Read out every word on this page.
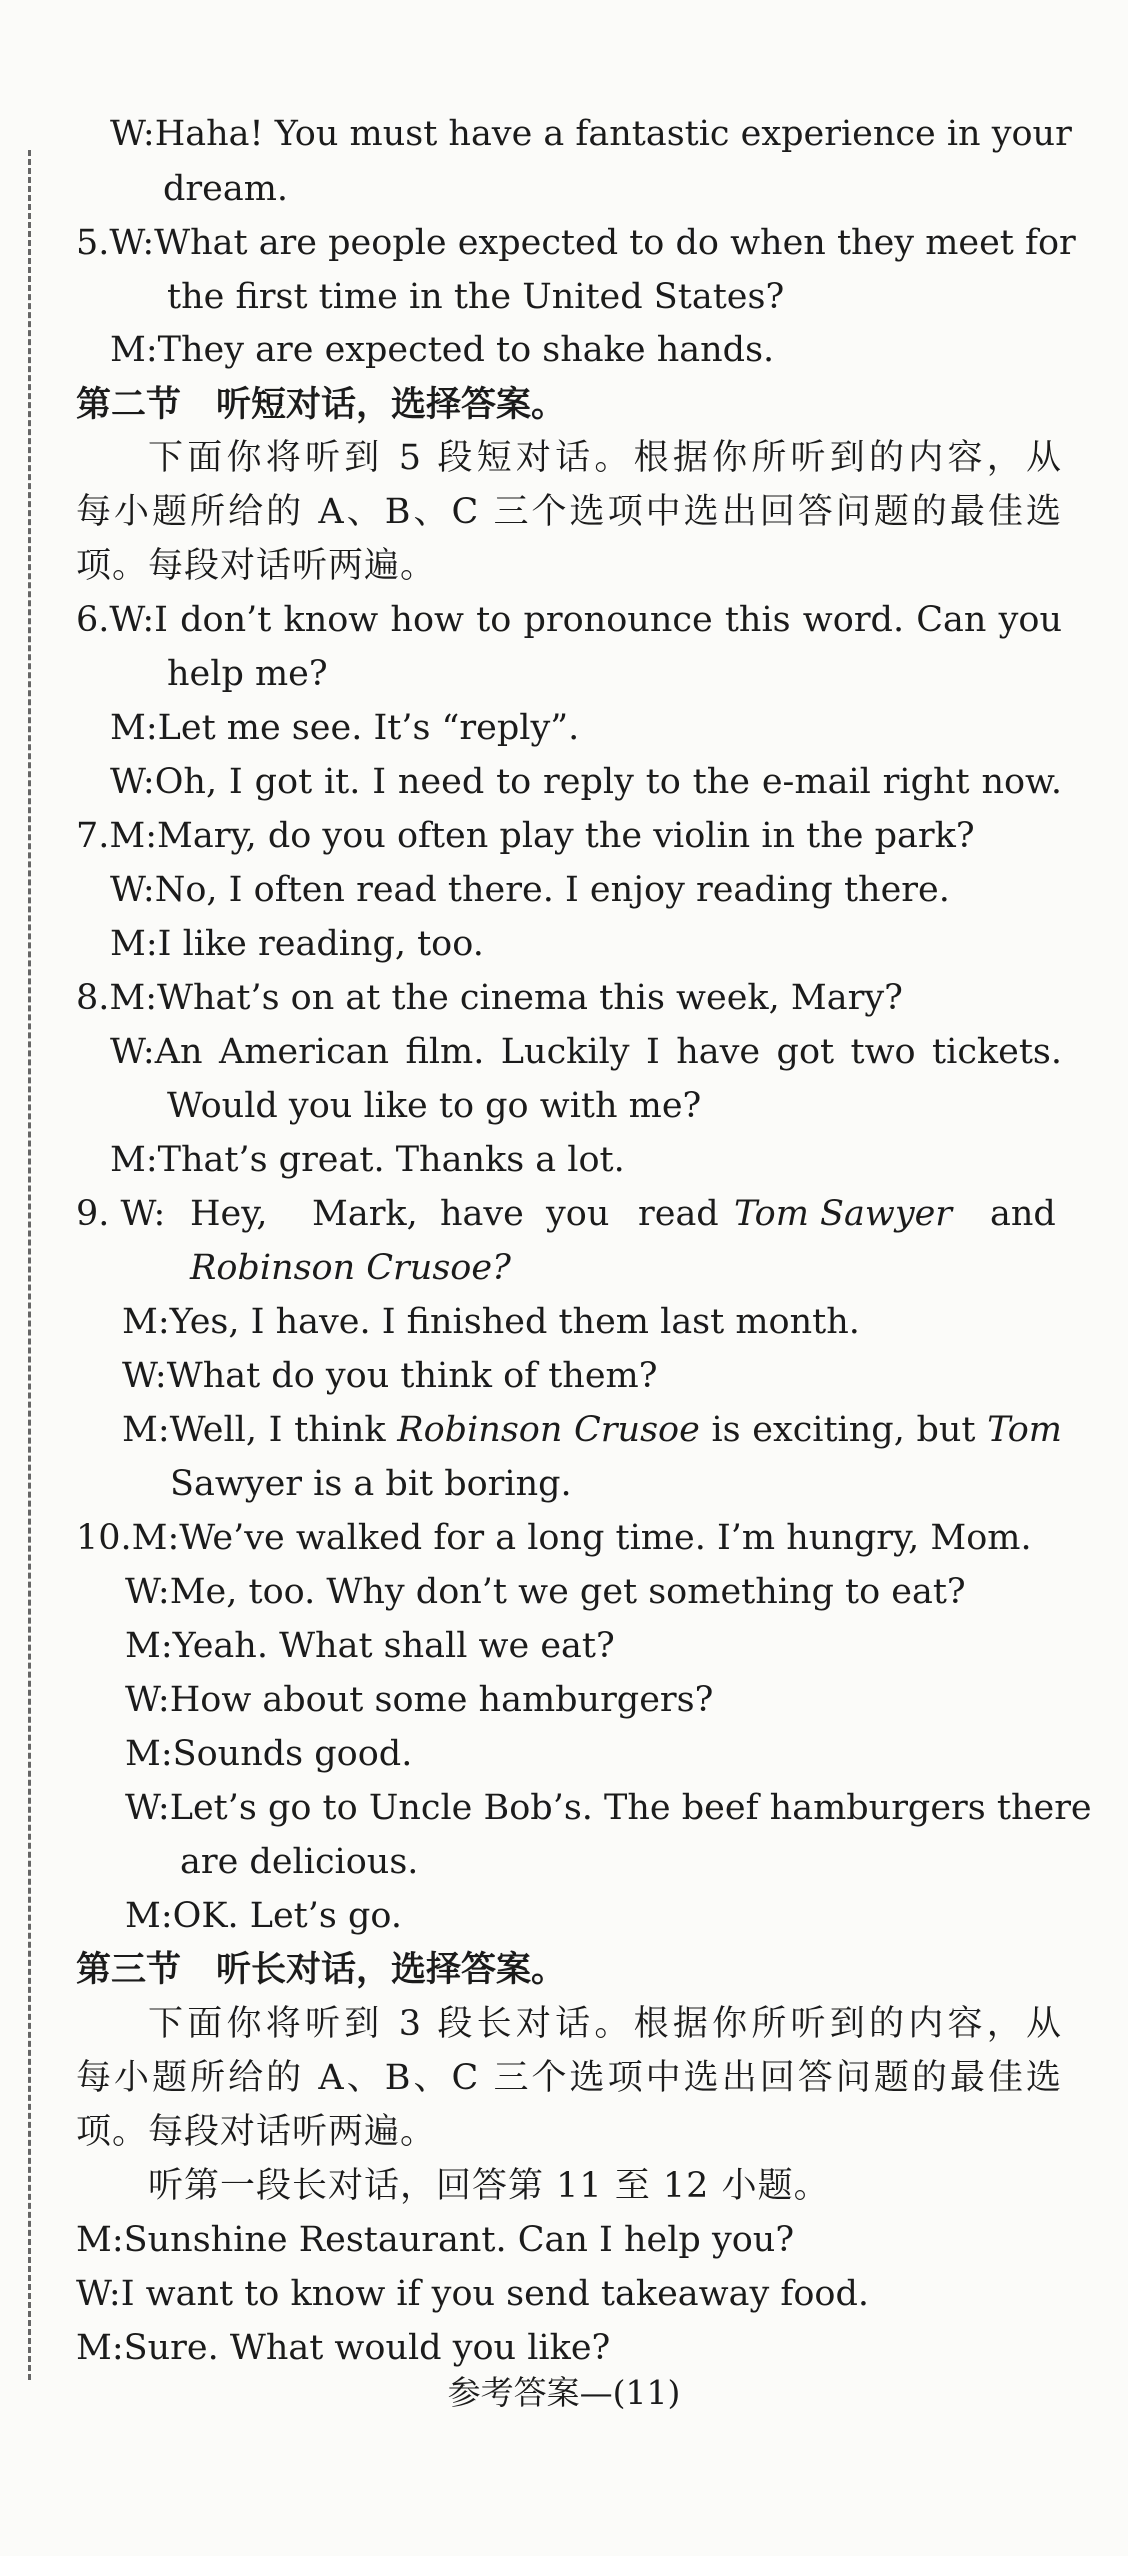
W:Haha! You must have a fantastic experience in your
dream.
5.W:What are people expected to do when they meet for
the first time in the United States?
M:They are expected to shake hands.
第二节　听短对话，选择答案。
下面你将听到 5 段短对话。根据你所听到的内容，从
每小题所给的 A、B、C 三个选项中选出回答问题的最佳选
项。每段对话听两遍。
6.W:I don’t know how to pronounce this word. Can you
help me?
M:Let me see. It’s “reply”.
W:Oh, I got it. I need to reply to the e-mail right now.
7.M:Mary, do you often play the violin in the park?
W:No, I often read there. I enjoy reading there.
M:I like reading, too.
8.M:What’s on at the cinema this week, Mary?
W:An American film. Luckily I have got two tickets.
Would you like to go with me?
M:That’s great. Thanks a lot.
Robinson Crusoe?
M:Yes, I have. I finished them last month.
W:What do you think of them?
Sawyer is a bit boring.
10.M:We’ve walked for a long time. I’m hungry, Mom.
W:Me, too. Why don’t we get something to eat?
M:Yeah. What shall we eat?
W:How about some hamburgers?
M:Sounds good.
W:Let’s go to Uncle Bob’s. The beef hamburgers there
are delicious.
M:OK. Let’s go.
第三节　听长对话，选择答案。
下面你将听到 3 段长对话。根据你所听到的内容，从
每小题所给的 A、B、C 三个选项中选出回答问题的最佳选
项。每段对话听两遍。
听第一段长对话，回答第 11 至 12 小题。
M:Sunshine Restaurant. Can I help you?
W:I want to know if you send takeaway food.
M:Sure. What would you like?
9. W: Hey, Mark, have you read Tom Sawyer and
M:Well, I think Robinson Crusoe is exciting, but Tom
参考答案—(11)
